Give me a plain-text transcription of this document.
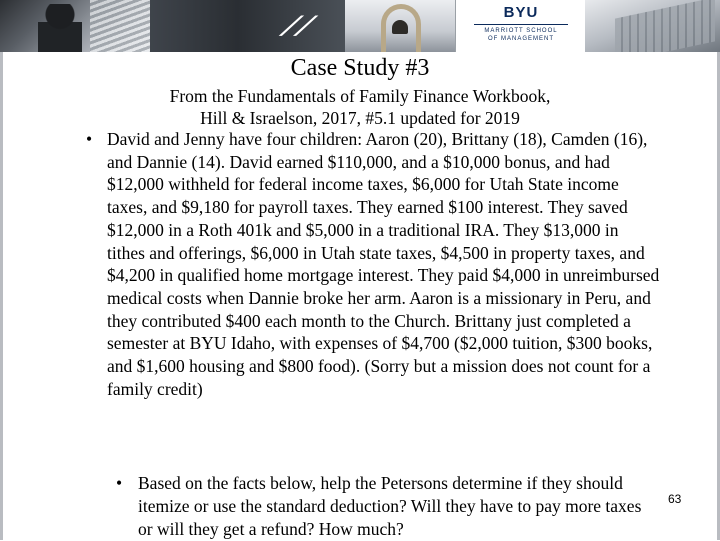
⟋⟋	BYU
MARRIOTT SCHOOL
OF MANAGEMENT
Case Study #3
From the Fundamentals of Family Finance Workbook,
Hill & Israelson, 2017, #5.1 updated for 2019
• David and Jenny have four children: Aaron (20), Brittany (18), Camden (16), and Dannie (14). David earned $110,000, and a $10,000 bonus, and had $12,000 withheld for federal income taxes, $6,000 for Utah State income taxes, and $9,180 for payroll taxes. They earned $100 interest. They saved $12,000 in a Roth 401k and $5,000 in a traditional IRA. They $13,000 in tithes and offerings, $6,000 in Utah state taxes, $4,500 in property taxes, and $4,200 in qualified home mortgage interest. They paid $4,000 in unreimbursed medical costs when Dannie broke her arm. Aaron is a missionary in Peru, and they contributed $400 each month to the Church. Brittany just completed a semester at BYU Idaho, with expenses of $4,700 ($2,000 tuition, $300 books, and $1,600 housing and $800 food). (Sorry but a mission does not count for a family credit)
• Based on the facts below, help the Petersons determine if they should itemize or use the standard deduction? Will they have to pay more taxes or will they get a refund? How much?
63
